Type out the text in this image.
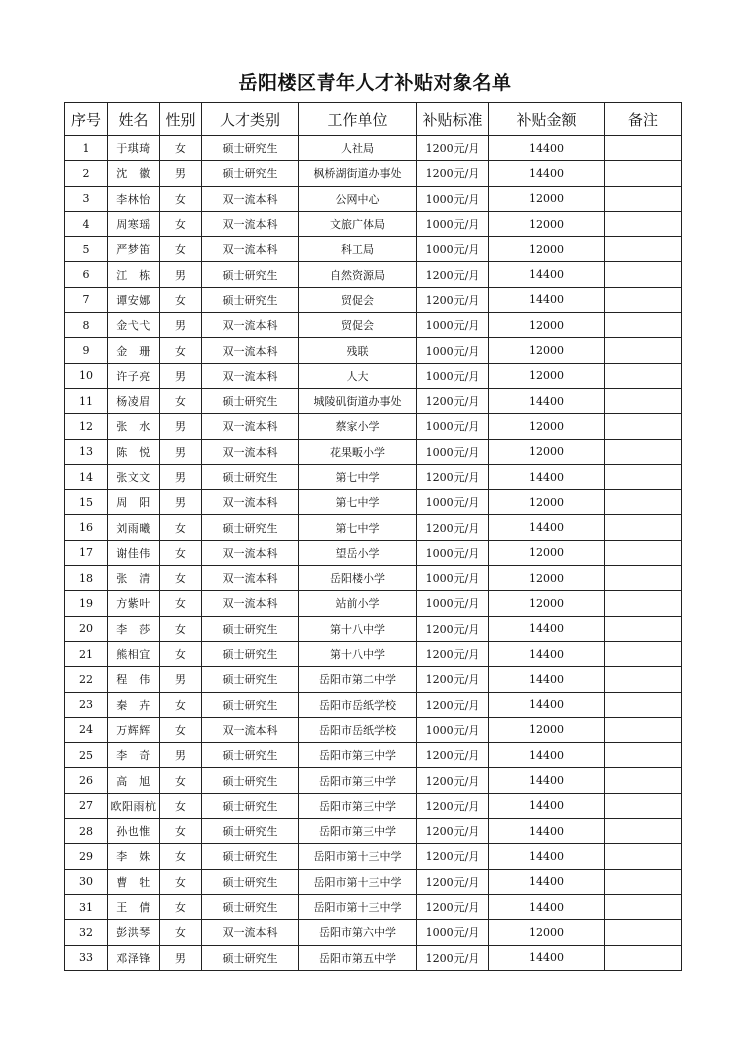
岳阳楼区青年人才补贴对象名单
序号	姓名	性别	人才类别	工作单位	补贴标准	补贴金额	备注
1	于琪琦	女	硕士研究生	人社局	1200元/月	14400	
2	沈　徽	男	硕士研究生	枫桥湖街道办事处	1200元/月	14400	
3	李林怡	女	双一流本科	公网中心	1000元/月	12000	
4	周寒瑶	女	双一流本科	文旅广体局	1000元/月	12000	
5	严梦笛	女	双一流本科	科工局	1000元/月	12000	
6	江　栋	男	硕士研究生	自然资源局	1200元/月	14400	
7	谭安娜	女	硕士研究生	贸促会	1200元/月	14400	
8	金弋弋	男	双一流本科	贸促会	1000元/月	12000	
9	金　珊	女	双一流本科	残联	1000元/月	12000	
10	许子亮	男	双一流本科	人大	1000元/月	12000	
11	杨凌眉	女	硕士研究生	城陵矶街道办事处	1200元/月	14400	
12	张　水	男	双一流本科	蔡家小学	1000元/月	12000	
13	陈　悦	男	双一流本科	花果畈小学	1000元/月	12000	
14	张文文	男	硕士研究生	第七中学	1200元/月	14400	
15	周　阳	男	双一流本科	第七中学	1000元/月	12000	
16	刘雨曦	女	硕士研究生	第七中学	1200元/月	14400	
17	谢佳伟	女	双一流本科	望岳小学	1000元/月	12000	
18	张　清	女	双一流本科	岳阳楼小学	1000元/月	12000	
19	方紫叶	女	双一流本科	站前小学	1000元/月	12000	
20	李　莎	女	硕士研究生	第十八中学	1200元/月	14400	
21	熊相宜	女	硕士研究生	第十八中学	1200元/月	14400	
22	程　伟	男	硕士研究生	岳阳市第二中学	1200元/月	14400	
23	秦　卉	女	硕士研究生	岳阳市岳纸学校	1200元/月	14400	
24	万辉辉	女	双一流本科	岳阳市岳纸学校	1000元/月	12000	
25	李　奇	男	硕士研究生	岳阳市第三中学	1200元/月	14400	
26	高　旭	女	硕士研究生	岳阳市第三中学	1200元/月	14400	
27	欧阳雨杭	女	硕士研究生	岳阳市第三中学	1200元/月	14400	
28	孙也惟	女	硕士研究生	岳阳市第三中学	1200元/月	14400	
29	李　姝	女	硕士研究生	岳阳市第十三中学	1200元/月	14400	
30	曹　牡	女	硕士研究生	岳阳市第十三中学	1200元/月	14400	
31	王　倩	女	硕士研究生	岳阳市第十三中学	1200元/月	14400	
32	彭洪琴	女	双一流本科	岳阳市第六中学	1000元/月	12000	
33	邓泽锋	男	硕士研究生	岳阳市第五中学	1200元/月	14400	
